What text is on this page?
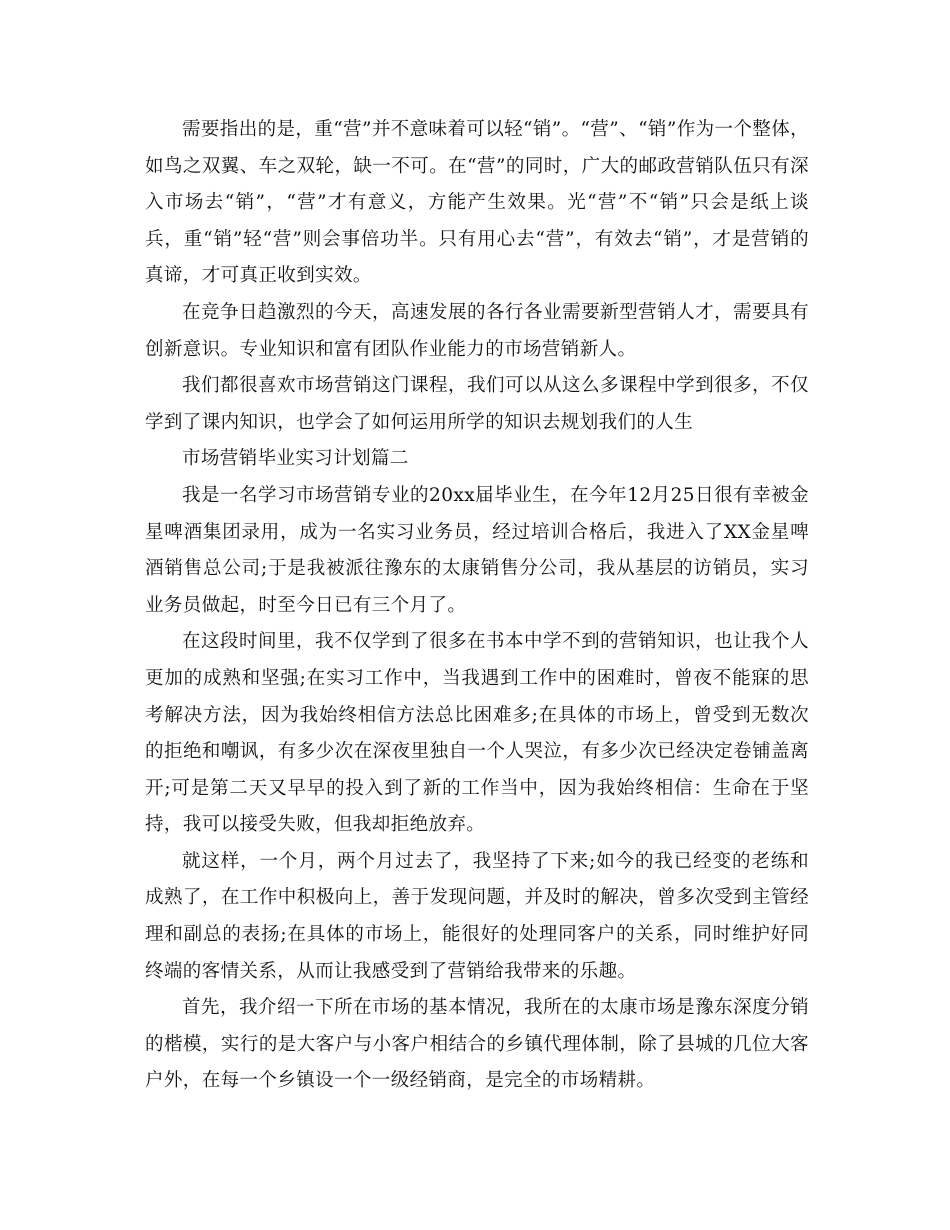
需要指出的是，重“营”并不意味着可以轻“销”。“营”、“销”作为一个整体，如鸟之双翼、车之双轮，缺一不可。在“营”的同时，广大的邮政营销队伍只有深入市场去“销”，“营”才有意义，方能产生效果。光“营”不“销”只会是纸上谈兵，重“销”轻“营”则会事倍功半。只有用心去“营”，有效去“销”，才是营销的真谛，才可真正收到实效。

在竞争日趋激烈的今天，高速发展的各行各业需要新型营销人才，需要具有创新意识。专业知识和富有团队作业能力的市场营销新人。

我们都很喜欢市场营销这门课程，我们可以从这么多课程中学到很多，不仅学到了课内知识，也学会了如何运用所学的知识去规划我们的人生

市场营销毕业实习计划篇二

我是一名学习市场营销专业的20xx届毕业生，在今年12月25日很有幸被金星啤酒集团录用，成为一名实习业务员，经过培训合格后，我进入了XX金星啤酒销售总公司;于是我被派往豫东的太康销售分公司，我从基层的访销员，实习业务员做起，时至今日已有三个月了。

在这段时间里，我不仅学到了很多在书本中学不到的营销知识，也让我个人更加的成熟和坚强;在实习工作中，当我遇到工作中的困难时，曾夜不能寐的思考解决方法，因为我始终相信方法总比困难多;在具体的市场上，曾受到无数次的拒绝和嘲讽，有多少次在深夜里独自一个人哭泣，有多少次已经决定卷铺盖离开;可是第二天又早早的投入到了新的工作当中，因为我始终相信：生命在于坚持，我可以接受失败，但我却拒绝放弃。

就这样，一个月，两个月过去了，我坚持了下来;如今的我已经变的老练和成熟了，在工作中积极向上，善于发现问题，并及时的解决，曾多次受到主管经理和副总的表扬;在具体的市场上，能很好的处理同客户的关系，同时维护好同终端的客情关系，从而让我感受到了营销给我带来的乐趣。

首先，我介绍一下所在市场的基本情况，我所在的太康市场是豫东深度分销的楷模，实行的是大客户与小客户相结合的乡镇代理体制，除了县城的几位大客户外，在每一个乡镇设一个一级经销商，是完全的市场精耕。
